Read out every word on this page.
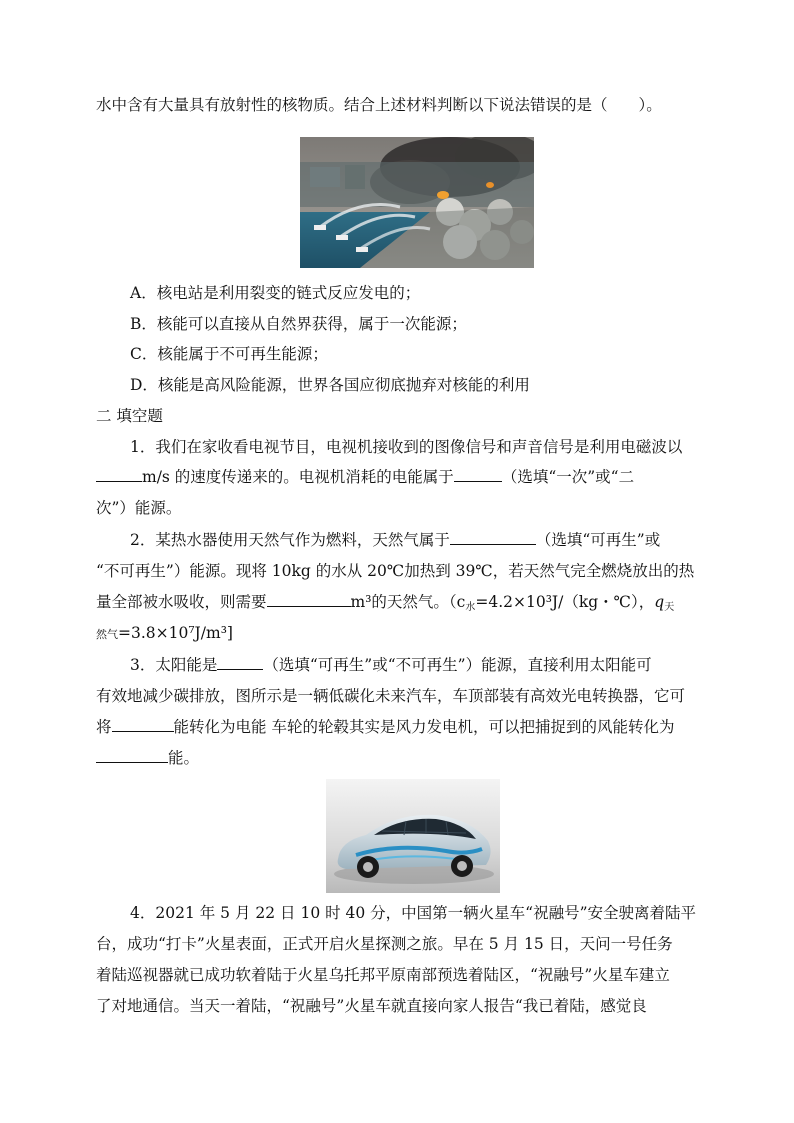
水中含有大量具有放射性的核物质。结合上述材料判断以下说法错误的是（　　）。
A．核电站是利用裂变的链式反应发电的；
B．核能可以直接从自然界获得，属于一次能源；
C．核能属于不可再生能源；
D．核能是高风险能源，世界各国应彻底抛弃对核能的利用
二 填空题
1．我们在家收看电视节目，电视机接收到的图像信号和声音信号是利用电磁波以
m/s 的速度传递来的。电视机消耗的电能属于	（选填“一次”或“二
次”）能源。
2．某热水器使用天然气作为燃料，天然气属于	（选填“可再生”或
“不可再生”）能源。现将 10kg 的水从 20℃加热到 39℃，若天然气完全燃烧放出的热
量全部被水吸收，则需要	m³的天然气。（c水=4.2×10³J/（kg・℃），q天
然气=3.8×10⁷J/m³]
3．太阳能是	（选填“可再生”或“不可再生”）能源，直接利用太阳能可
有效地减少碳排放，图所示是一辆低碳化未来汽车，车顶部装有高效光电转换器，它可
将	能转化为电能 车轮的轮毂其实是风力发电机，可以把捕捉到的风能转化为
能。
4．2021 年 5 月 22 日 10 时 40 分，中国第一辆火星车“祝融号”安全驶离着陆平
台，成功“打卡”火星表面，正式开启火星探测之旅。早在 5 月 15 日，天问一号任务
着陆巡视器就已成功软着陆于火星乌托邦平原南部预选着陆区，“祝融号”火星车建立
了对地通信。当天一着陆，“祝融号”火星车就直接向家人报告“我已着陆，感觉良
